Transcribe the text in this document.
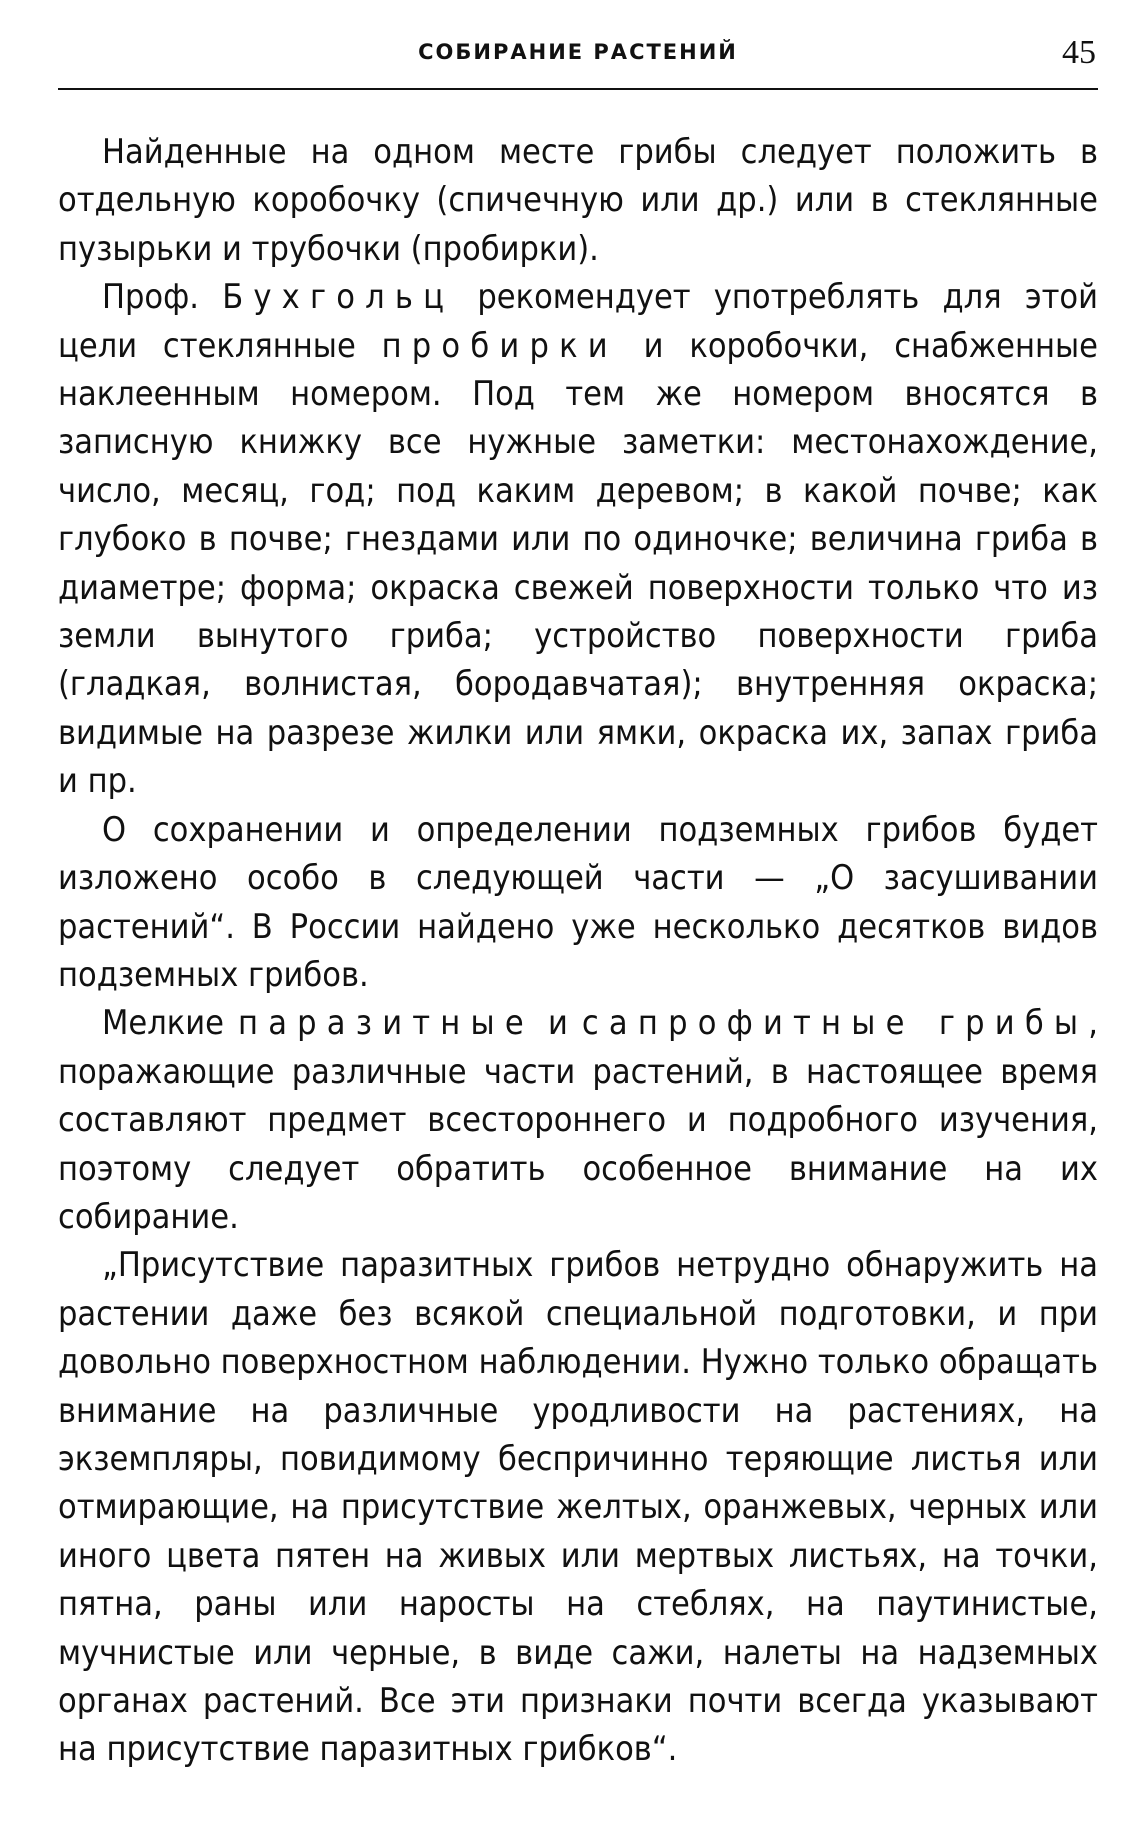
СОБИРАНИЕ РАСТЕНИЙ	45

Найденные на одном месте грибы следует положить в отдельную коробочку (спичечную или др.) или в стеклянные пузырьки и трубочки (пробирки).

Проф. Бухгольц рекомендует употреблять для этой цели стеклянные пробирки и коробочки, снабженные наклеенным номером. Под тем же номером вносятся в записную книжку все нужные заметки: местонахождение, число, месяц, год; под каким деревом; в какой почве; как глубоко в почве; гнездами или по одиночке; величина гриба в диаметре; форма; окраска свежей поверхности только что из земли вынутого гриба; устройство поверхности гриба (гладкая, волнистая, бородавчатая); внутренняя окраска; видимые на разрезе жилки или ямки, окраска их, запах гриба и пр.

О сохранении и определении подземных грибов будет изложено особо в следующей части — „О засушивании растений“. В России найдено уже несколько десятков видов подземных грибов.

Мелкие паразитные и сапрофитные грибы, поражающие различные части растений, в настоящее время составляют предмет всестороннего и подробного изучения, поэтому следует обратить особенное внимание на их собирание.

„Присутствие паразитных грибов нетрудно обнаружить на растении даже без всякой специальной подготовки, и при довольно поверхностном наблюдении. Нужно только обращать внимание на различные уродливости на растениях, на экземпляры, повидимому беспричинно теряющие листья или отмирающие, на присутствие желтых, оранжевых, черных или иного цвета пятен на живых или мертвых листьях, на точки, пятна, раны или наросты на стеблях, на паутинистые, мучнистые или черные, в виде сажи, налеты на надземных органах растений. Все эти признаки почти всегда указывают на присутствие паразитных грибков“.
